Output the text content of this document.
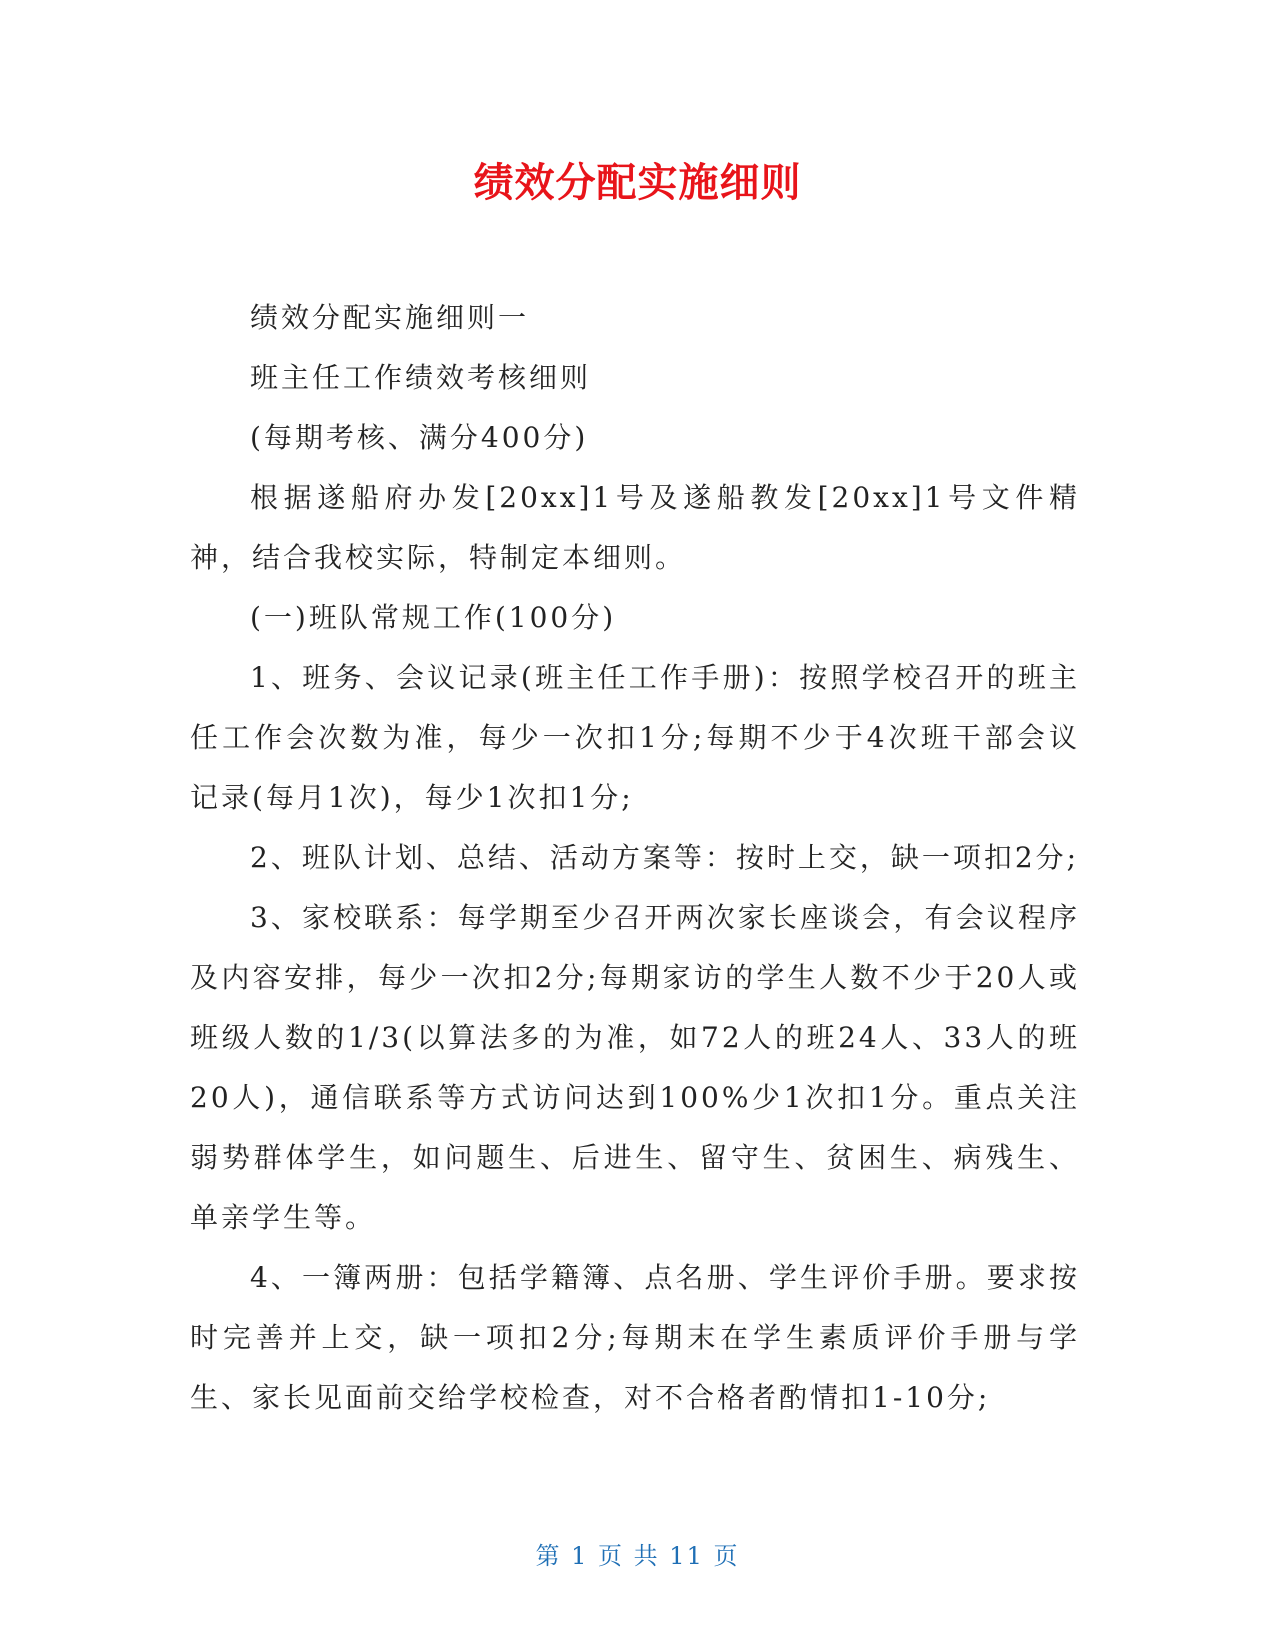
绩效分配实施细则

绩效分配实施细则一

班主任工作绩效考核细则

(每期考核、满分400分)

根据遂船府办发[20xx]1号及遂船教发[20xx]1号文件精神，结合我校实际，特制定本细则。

(一)班队常规工作(100分)

1、班务、会议记录(班主任工作手册)：按照学校召开的班主任工作会次数为准，每少一次扣1分;每期不少于4次班干部会议记录(每月1次)，每少1次扣1分;

2、班队计划、总结、活动方案等：按时上交，缺一项扣2分;

3、家校联系：每学期至少召开两次家长座谈会，有会议程序及内容安排，每少一次扣2分;每期家访的学生人数不少于20人或班级人数的1/3(以算法多的为准，如72人的班24人、33人的班20人)，通信联系等方式访问达到100%少1次扣1分。重点关注弱势群体学生，如问题生、后进生、留守生、贫困生、病残生、单亲学生等。

4、一簿两册：包括学籍簿、点名册、学生评价手册。要求按时完善并上交，缺一项扣2分;每期末在学生素质评价手册与学生、家长见面前交给学校检查，对不合格者酌情扣1-10分;

第 1 页 共 11 页
